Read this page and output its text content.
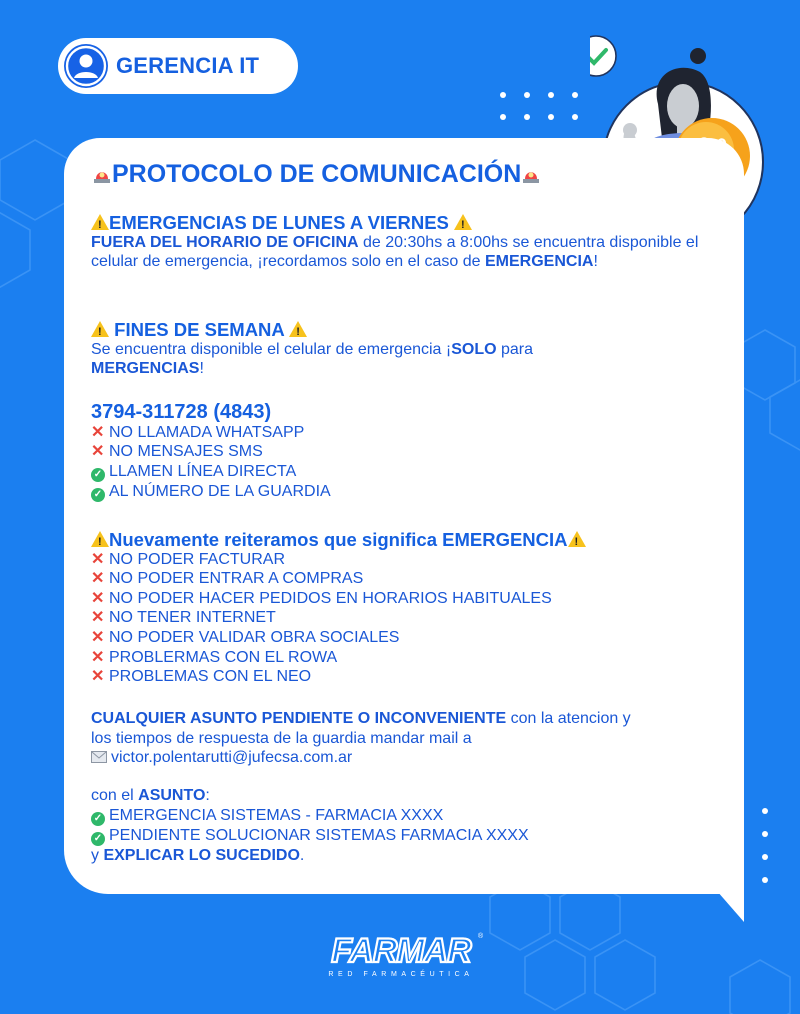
GERENCIA IT
PROTOCOLO DE COMUNICACIÓN
!EMERGENCIAS DE LUNES A VIERNES !
FUERA DEL HORARIO DE OFICINA de 20:30hs a 8:00hs se encuentra disponible el celular de emergencia, ¡recordamos solo en el caso de EMERGENCIA!
! FINES DE SEMANA !
Se encuentra disponible el celular de emergencia ¡SOLO para MERGENCIAS!
3794-311728 (4843)
✕ NO LLAMADA WHATSAPP
✕ NO MENSAJES SMS
✓ LLAMEN LÍNEA DIRECTA
✓ AL NÚMERO DE LA GUARDIA
!Nuevamente reiteramos que significa EMERGENCIA!
✕ NO PODER FACTURAR
✕ NO PODER ENTRAR A COMPRAS
✕ NO PODER HACER PEDIDOS EN HORARIOS HABITUALES
✕ NO TENER INTERNET
✕ NO PODER VALIDAR OBRA SOCIALES
✕ PROBLERMAS CON EL ROWA
✕ PROBLEMAS CON EL NEO
CUALQUIER ASUNTO PENDIENTE O INCONVENIENTE con la atencion y los tiempos de respuesta de la guardia mandar mail a
victor.polentarutti@jufecsa.com.ar
con el ASUNTO:
✓ EMERGENCIA SISTEMAS - FARMACIA XXXX
✓ PENDIENTE SOLUCIONAR SISTEMAS FARMACIA XXXX
y EXPLICAR LO SUCEDIDO.
FARMAR ®
RED FARMACÉUTICA
